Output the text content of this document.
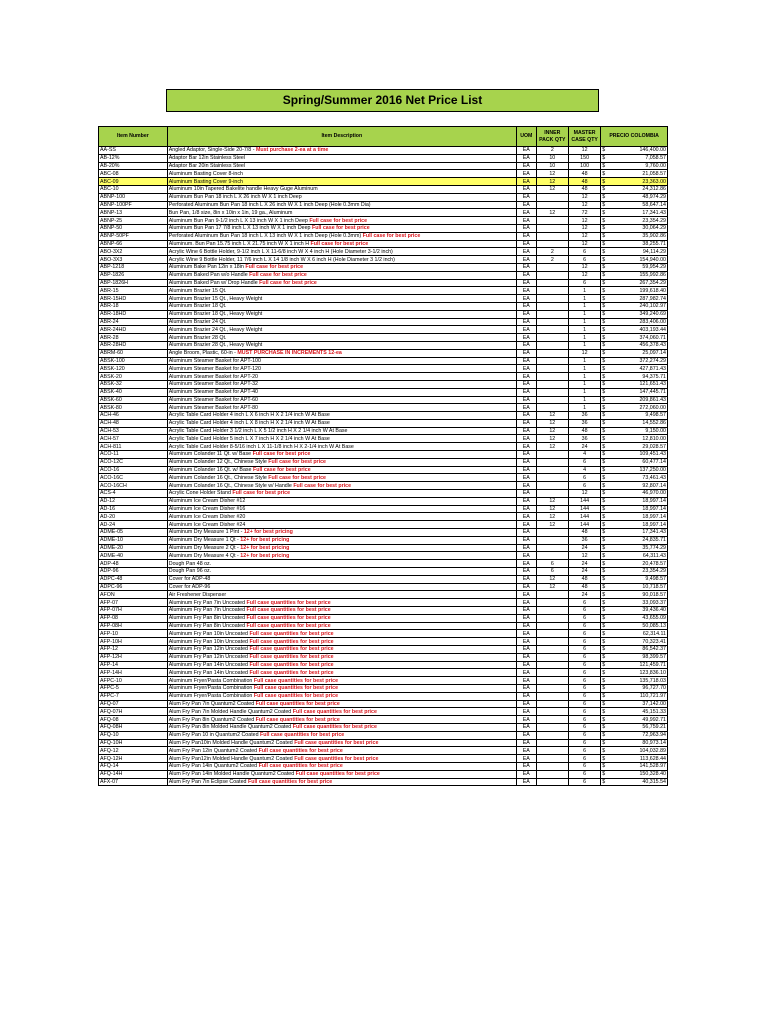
Spring/Summer 2016 Net Price List
Item Number	Item Description	UOM	INNER PACK QTY	MASTER CASE QTY	PRECIO COLOMBIA	
AA-SS	Angled Adaptor, Single-Side 20-7/8 - Must purchase 2-ea at a time	EA	2	12	$	146,400.00
AB-12%	Adaptor Bar 12in Stainless Steel	EA	10	150	$	7,058.57
AB-20%	Adaptor Bar 20in Stainless Steel	EA	10	100	$	9,760.00
ABC-08	Aluminum Basting Cover 8-inch	EA	12	48	$	21,058.57
ABC-09	Aluminum Basting Cover 9-inch	EA	12	48	$	23,363.00
ABC-10	Aluminum 10in Tapered Bakelite handle Heavy Guge Aluminum	EA	12	48	$	24,312.86
ABNP-100	Aluminum Bun Pan 18 inch L X 26 inch W X 1 inch Deep	EA		12	$	48,974.29
ABNP-100PF	Perforated Aluminum Bun Pan 18 inch L X 26 inch W X 1 inch Deep (Hole 0.3mm Dia)	EA		12	$	58,647.14
ABNP-13	Bun Pan, 1/8 size, 8in x 10in x 1in, 19 ga., Aluminum	EA	12	72	$	17,341.43
ABNP-25	Aluminum Bun Pan 9-1/2 inch L X 13 inch W X 1 inch Deep Full case for best price	EA		12	$	23,354.29
ABNP-50	Aluminum Bun Pan 17 7/8 inch L X 13 inch W X 1 inch Deep Full case for best price	EA		12	$	30,064.29
ABNP-50PF	Perforated Aluminum Bun Pan 18 inch L X 13 inch W X 1 inch Deep (Hole 0.3mm) Full case for best price	EA		12	$	35,902.86
ABNP-66	Aluminum. Bun Pan 15.75 inch L X 21.75 inch W X 1 inch H Full case for best price	EA		12	$	38,255.71
ABO-3X2	Acrylic Wine 6 Bottle Holder, 9-1/2 inch L X 11-6/8 inch W X 4 inch H (Hole Diameter 3-1/2 inch)	EA	2	6	$	94,114.29
ABO-3X3	Acrylic Wine 9 Bottle Holder, 11 7/6 inch L X 14 1/8 inch W X 6 inch H (Hole Diameter 3 1/2 inch)	EA	2	6	$	154,940.00
ABP-1218	Aluminum Bake Pan 12in x 18in Full case for best price	EA		12	$	59,954.29
ABP-1826	Aluminum Baked Pan w/o Handle Full case for best price	EA		12	$	155,992.86
ABP-1826H	Aluminum Baked Pan w/ Drop Handle Full case for best price	EA		6	$	267,354.29
ABR-15	Aluminum Brazier 15 Qt.	EA		1	$	199,618.40
ABR-15HD	Aluminum Brazier 15 Qt., Heavy Weight	EA		1	$	287,982.74
ABR-18	Aluminum Brazier 18 Qt.	EA		1	$	240,102.97
ABR-18HD	Aluminum Brazier 18 Qt., Heavy Weight	EA		1	$	349,240.69
ABR-24	Aluminum Brazier 24 Qt.	EA		1	$	283,406.00
ABR-24HD	Aluminum Brazier 24 Qt., Heavy Weight	EA		1	$	403,193.44
ABR-28	Aluminum Brazier 28 Qt.	EA		1	$	374,060.71
ABR-28HD	Aluminum Brazier 28 Qt., Heavy Weight	EA		1	$	456,378.43
ABRM-60	Angle Broom, Plastic, 60-in - MUST PURCHASE IN INCREMENTS 12-ea	EA		12	$	25,097.14
ABSK-100	Aluminum Steamer Basket for APT-100	EA		1	$	372,274.29
ABSK-120	Aluminum Steamer Basket for APT-120	EA		1	$	427,871.43
ABSK-20	Aluminum Steamer Basket for APT-20	EA		1	$	94,375.71
ABSK-32	Aluminum Steamer Basket for APT-32	EA		1	$	121,651.43
ABSK-40	Aluminum Steamer Basket for APT-40	EA		1	$	147,445.71
ABSK-60	Aluminum Steamer Basket for APT-60	EA		1	$	209,861.43
ABSK-80	Aluminum Steamer Basket for APT-80	EA		1	$	272,060.00
ACH-46	Acrylic Table Card Holder 4 inch L X 6 inch H X 2 1/4 inch W At Base	EA	12	36	$	9,498.57
ACH-48	Acrylic Table Card Holder 4 inch L X 8 inch H X 2 1/4 inch W At Base	EA	12	36	$	14,552.86
ACH-53	Acrylic Table Card Holder 3 1/2 inch L X 5 1/2 inch H X 2 1/4 inch W At Base	EA	12	48	$	9,150.00
ACH-57	Acrylic Table Card Holder 5 inch L X 7 inch H X 2 1/4 inch W At Base	EA	12	36	$	12,810.00
ACH-811	Acrylic Table Card Holder 8-5/16 inch L X 11-1/8 inch H X 2-1/4 inch W At Base	EA	12	24	$	29,028.57
ACO-11	Aluminum Colander 11 Qt. w/ Base Full case for best price	EA		4	$	109,451.43
ACO-12C	Aluminum Colander 12 Qt., Chinese Style Full case for best price	EA		6	$	60,477.14
ACO-16	Aluminum Colander 16 Qt. w/ Base Full case for best price	EA		4	$	137,250.00
ACO-16C	Aluminum Colander 16 Qt., Chinese Style Full case for best price	EA		6	$	73,461.43
ACO-16CH	Aluminum Colander 16 Qt., Chinese Style w/ Handle Full case for best price	EA		6	$	92,807.14
ACS-4	Acrylic Cone Holder Stand Full case for best price	EA		12	$	46,970.00
AD-12	Aluminum Ice Cream Disher #12	EA	12	144	$	18,997.14
AD-16	Aluminum Ice Cream Disher #16	EA	12	144	$	18,997.14
AD-20	Aluminum Ice Cream Disher #20	EA	12	144	$	18,997.14
AD-24	Aluminum Ice Cream Disher #24	EA	12	144	$	18,997.14
ADME-05	Aluminum Dry Measure 1 Pint - 12+ for best pricing	EA		48	$	17,341.43
ADME-10	Aluminum Dry Measure 1 Qt - 12+ for best pricing	EA		36	$	24,835.71
ADME-20	Aluminum Dry Measure 2 Qt - 12+ for best pricing	EA		24	$	35,774.29
ADME-40	Aluminum Dry Measure 4 Qt - 12+ for best pricing	EA		12	$	64,311.43
ADP-48	Dough Pan 48 oz.	EA	6	24	$	20,478.57
ADP-96	Dough Pan 96 oz.	EA	6	24	$	23,354.29
ADPC-48	Cover for ADP-48	EA	12	48	$	9,498.57
ADPC-96	Cover for ADP-96	EA	12	48	$	10,718.57
AFON	Air Freshener Dispenser	EA		24	$	90,018.57
AFP-07	Aluminum Fry Pan 7in Uncoated Full case quantities for best price	EA		6	$	33,093.37
AFP-07H	Aluminum Fry Pan 7in Uncoated Full case quantities for best price	EA		6	$	39,436.40
AFP-08	Aluminum Fry Pan 8in Uncoated Full case quantities for best price	EA		6	$	43,655.09
AFP-08H	Aluminum Fry Pan 8in Uncoated Full case quantities for best price	EA		6	$	50,085.13
AFP-10	Aluminum Fry Pan 10in Uncoated Full case quantities for best price	EA		6	$	62,314.11
AFP-10H	Aluminum Fry Pan 10in Uncoated Full case quantities for best price	EA		6	$	70,323.41
AFP-12	Aluminum Fry Pan 12in Uncoated Full case quantities for best price	EA		6	$	86,542.37
AFP-12H	Aluminum Fry Pan 12in Uncoated Full case quantities for best price	EA		6	$	98,399.57
AFP-14	Aluminum Fry Pan 14in Uncoated Full case quantities for best price	EA		6	$	121,459.71
AFP-14H	Aluminum Fry Pan 14in Uncoated Full case quantities for best price	EA		6	$	123,836.10
AFPC-10	Aluminum Fryer/Pasta Combination Full case quantities for best price	EA		6	$	135,718.03
AFPC-5	Aluminum Fryer/Pasta Combination Full case quantities for best price	EA		6	$	96,727.70
AFPC-7	Aluminum Fryer/Pasta Combination Full case quantities for best price	EA		6	$	110,721.97
AFQ-07	Alum Fry Pan 7in Quantum2 Coated Full case quantities for best price	EA		6	$	37,142.00
AFQ-07H	Alum Fry Pan 7in Molded Handle Quantum2 Coated Full case quantities for best price	EA		6	$	45,151.33
AFQ-08	Alum Fry Pan 8in Quantum2 Coated Full case quantities for best price	EA		6	$	49,992.71
AFQ-08H	Alum Fry Pan 8in Molded Handle Quantum2 Coated Full case quantities for best price	EA		6	$	56,759.21
AFQ-10	Alum Fry Pan 10 in Quantum2 Coated Full case quantities for best price	EA		6	$	72,963.94
AFQ-10H	Alum Fry Pan10in Molded Handle Quantum2 Coated Full case quantities for best price	EA		6	$	80,973.14
AFQ-12	Alum Fry Pan 12in Quantum2 Coated Full case quantities for best price	EA		6	$	104,032.89
AFQ-12H	Alum Fry Pan12in Molded Handle Quantum2 Coated Full case quantities for best price	EA		6	$	113,628.44
AFQ-14	Alum Fry Pan 14in Quantum2 Coated Full case quantities for best price	EA		6	$	141,528.97
AFQ-14H	Alum Fry Pan 14in Molded Handle Quantum2 Coated Full case quantities for best price	EA		6	$	150,328.40
AFX-07	Alum Fry Pan 7in Eclipse Coated Full case quantities for best price	EA		6	$	40,315.54
